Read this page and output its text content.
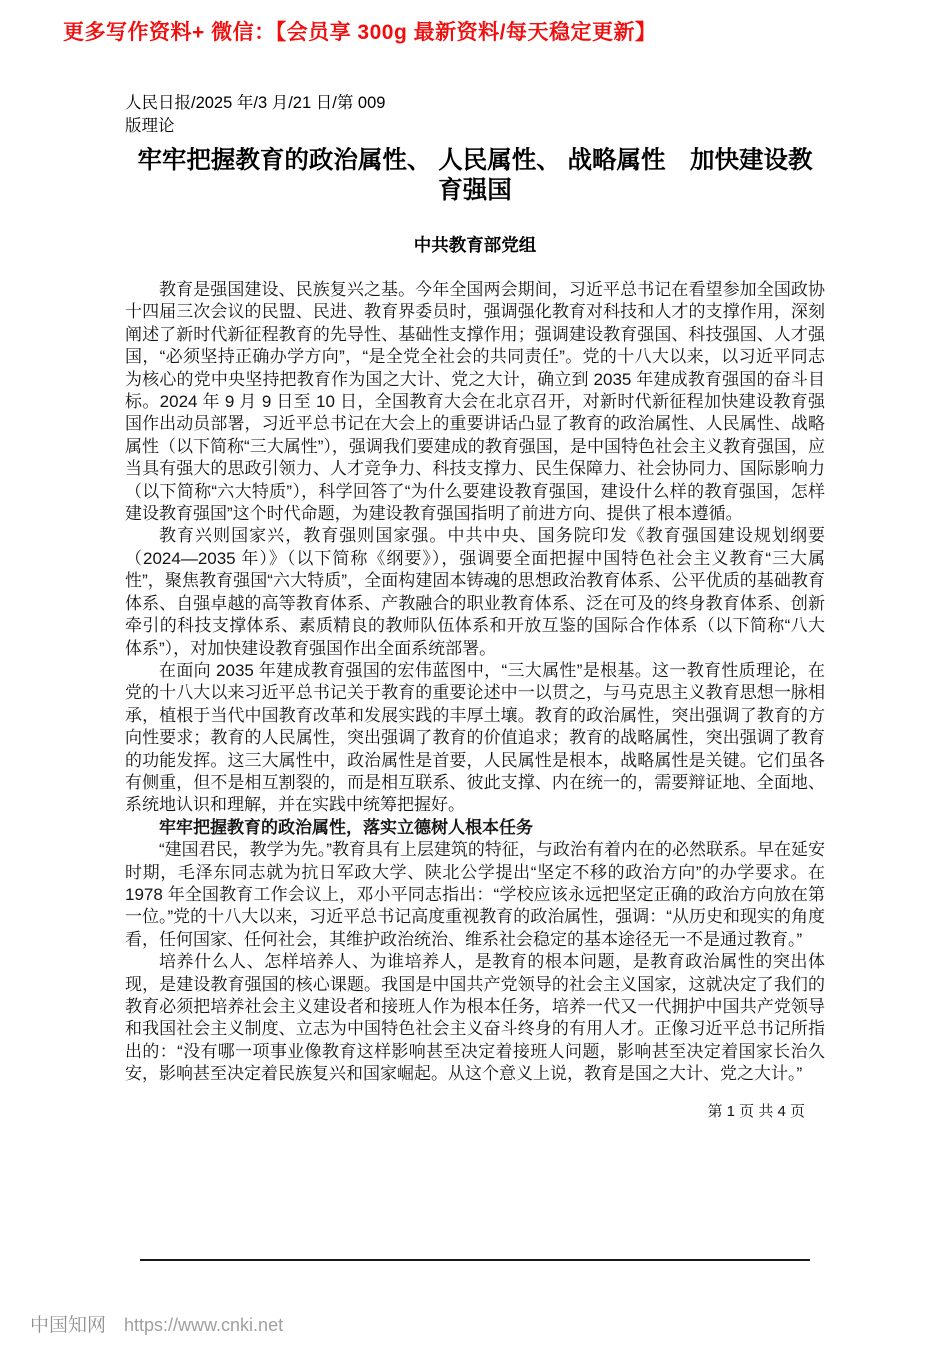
更多写作资料+ 微信：【会员享 300g 最新资料/每天稳定更新】
人民日报/2025 年/3 月/21 日/第 009
版理论
牢牢把握教育的政治属性、 人民属性、 战略属性　加快建设教育强国
中共教育部党组

教育是强国建设、民族复兴之基。今年全国两会期间，习近平总书记在看望参加全国政协十四届三次会议的民盟、民进、教育界委员时，强调强化教育对科技和人才的支撑作用，深刻阐述了新时代新征程教育的先导性、基础性支撑作用；强调建设教育强国、科技强国、人才强国，“必须坚持正确办学方向”，“是全党全社会的共同责任”。党的十八大以来，以习近平同志为核心的党中央坚持把教育作为国之大计、党之大计，确立到 2035 年建成教育强国的奋斗目标。2024 年 9 月 9 日至 10 日，全国教育大会在北京召开，对新时代新征程加快建设教育强国作出动员部署，习近平总书记在大会上的重要讲话凸显了教育的政治属性、人民属性、战略属性（以下简称“三大属性”），强调我们要建成的教育强国，是中国特色社会主义教育强国，应当具有强大的思政引领力、人才竞争力、科技支撑力、民生保障力、社会协同力、国际影响力（以下简称“六大特质”），科学回答了“为什么要建设教育强国，建设什么样的教育强国，怎样建设教育强国”这个时代命题，为建设教育强国指明了前进方向、提供了根本遵循。

教育兴则国家兴，教育强则国家强。中共中央、国务院印发《教育强国建设规划纲要（2024—2035 年）》（以下简称《纲要》），强调要全面把握中国特色社会主义教育“三大属性”，聚焦教育强国“六大特质”，全面构建固本铸魂的思想政治教育体系、公平优质的基础教育体系、自强卓越的高等教育体系、产教融合的职业教育体系、泛在可及的终身教育体系、创新牵引的科技支撑体系、素质精良的教师队伍体系和开放互鉴的国际合作体系（以下简称“八大体系”），对加快建设教育强国作出全面系统部署。

在面向 2035 年建成教育强国的宏伟蓝图中，“三大属性”是根基。这一教育性质理论，在党的十八大以来习近平总书记关于教育的重要论述中一以贯之，与马克思主义教育思想一脉相承，植根于当代中国教育改革和发展实践的丰厚土壤。教育的政治属性，突出强调了教育的方向性要求；教育的人民属性，突出强调了教育的价值追求；教育的战略属性，突出强调了教育的功能发挥。这三大属性中，政治属性是首要，人民属性是根本，战略属性是关键。它们虽各有侧重，但不是相互割裂的，而是相互联系、彼此支撑、内在统一的，需要辩证地、全面地、系统地认识和理解，并在实践中统筹把握好。

牢牢把握教育的政治属性，落实立德树人根本任务

“建国君民，教学为先。”教育具有上层建筑的特征，与政治有着内在的必然联系。早在延安时期，毛泽东同志就为抗日军政大学、陕北公学提出“坚定不移的政治方向”的办学要求。在 1978 年全国教育工作会议上，邓小平同志指出：“学校应该永远把坚定正确的政治方向放在第一位。”党的十八大以来，习近平总书记高度重视教育的政治属性，强调：“从历史和现实的角度看，任何国家、任何社会，其维护政治统治、维系社会稳定的基本途径无一不是通过教育。”

培养什么人、怎样培养人、为谁培养人，是教育的根本问题，是教育政治属性的突出体现，是建设教育强国的核心课题。我国是中国共产党领导的社会主义国家，这就决定了我们的教育必须把培养社会主义建设者和接班人作为根本任务，培养一代又一代拥护中国共产党领导和我国社会主义制度、立志为中国特色社会主义奋斗终身的有用人才。正像习近平总书记所指出的：“没有哪一项事业像教育这样影响甚至决定着接班人问题，影响甚至决定着国家长治久安，影响甚至决定着民族复兴和国家崛起。从这个意义上说，教育是国之大计、党之大计。”

第 1 页 共 4 页
中国知网 https://www.cnki.net
